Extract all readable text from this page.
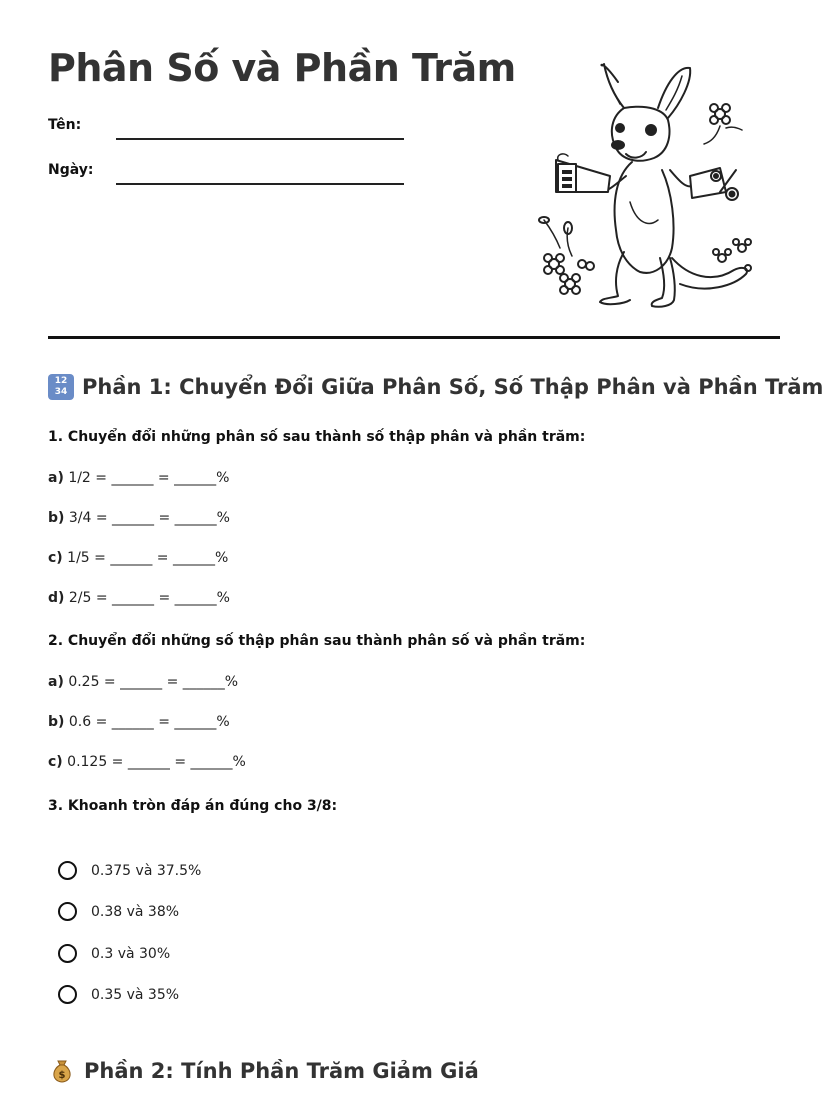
Phân Số và Phần Trăm
Tên:
Ngày:
12
34 Phần 1: Chuyển Đổi Giữa Phân Số, Số Thập Phân và Phần Trăm

1. Chuyển đổi những phân số sau thành số thập phân và phần trăm:

a) 1/2 = ______ = ______%
b) 3/4 = ______ = ______%
c) 1/5 = ______ = ______%
d) 2/5 = ______ = ______%

2. Chuyển đổi những số thập phân sau thành phân số và phần trăm:

a) 0.25 = ______ = ______%
b) 0.6 = ______ = ______%
c) 0.125 = ______ = ______%

3. Khoanh tròn đáp án đúng cho 3/8:

0.375 và 37.5%
0.38 và 38%
0.3 và 30%
0.35 và 35%
$ Phần 2: Tính Phần Trăm Giảm Giá
